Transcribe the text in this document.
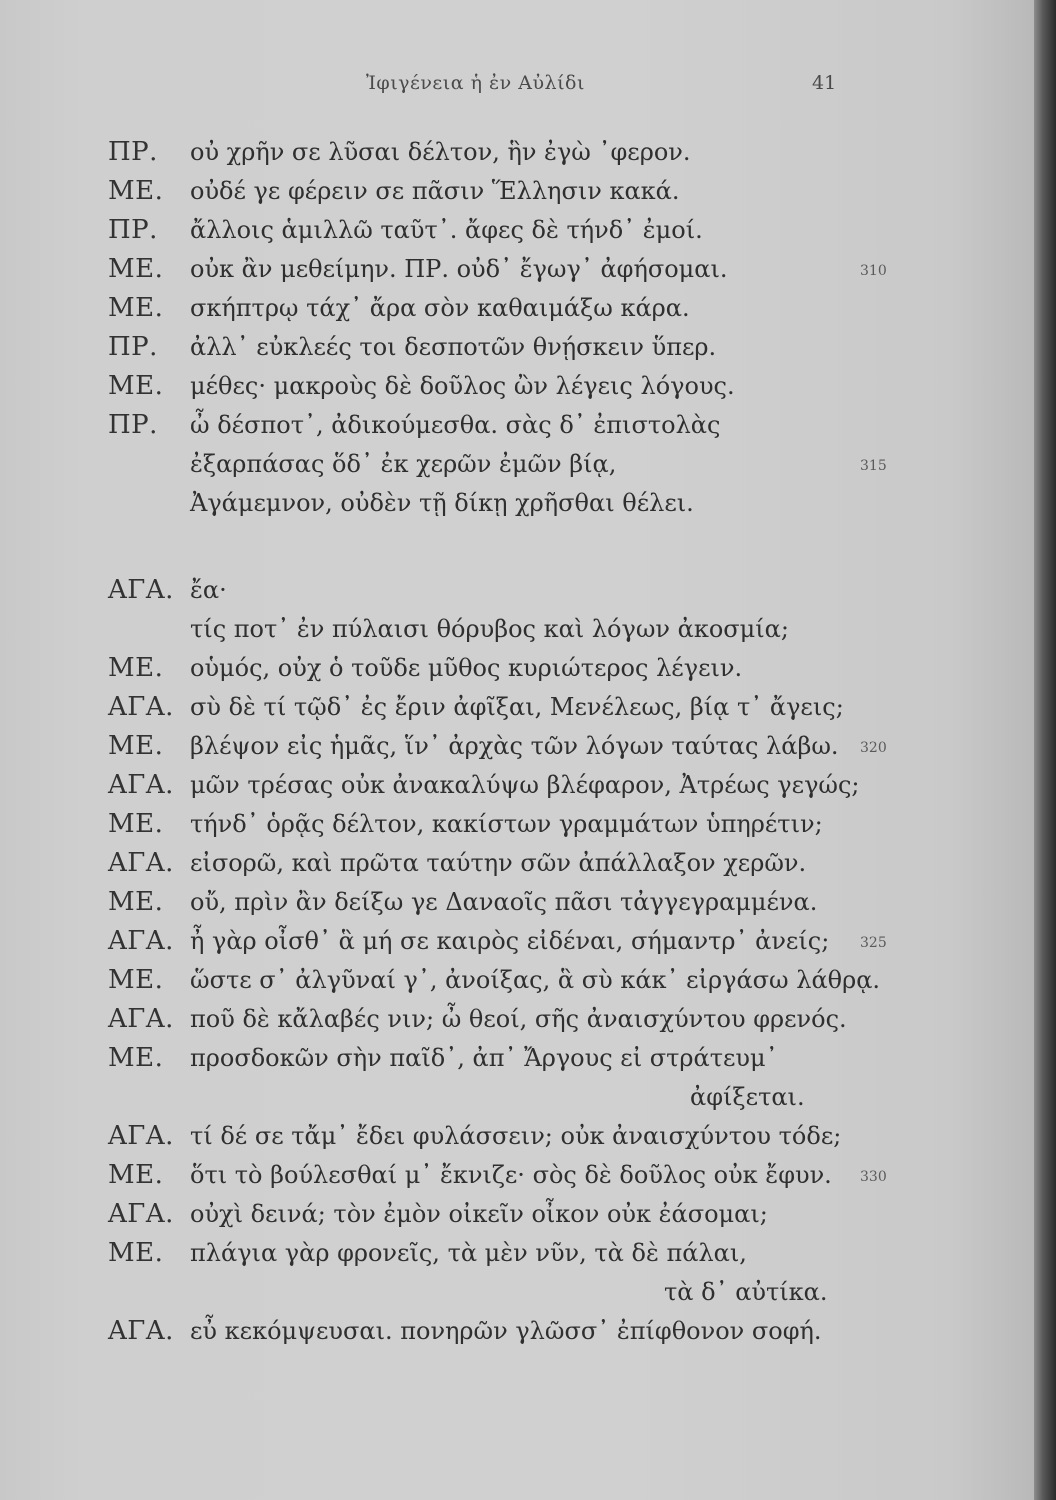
Ἰφιγένεια ἡ ἐν Αὐλίδι	41
ΠΡ. οὐ χρῆν σε λῦσαι δέλτον, ἣν ἐγὼ ᾽φερον.
ΜΕ. οὐδέ γε φέρειν σε πᾶσιν Ἕλλησιν κακά.
ΠΡ. ἄλλοις ἁμιλλῶ ταῦτ᾽. ἄφες δὲ τήνδ᾽ ἐμοί.
ΜΕ. οὐκ ἂν μεθείμην. ΠΡ. οὐδ᾽ ἔγωγ᾽ ἀφήσομαι.	310
ΜΕ. σκήπτρῳ τάχ᾽ ἄρα σὸν καθαιμάξω κάρα.
ΠΡ. ἀλλ᾽ εὐκλεές τοι δεσποτῶν θνῄσκειν ὕπερ.
ΜΕ. μέθες· μακροὺς δὲ δοῦλος ὢν λέγεις λόγους.
ΠΡ. ὦ δέσποτ᾽, ἀδικούμεσθα. σὰς δ᾽ ἐπιστολὰς
ἐξαρπάσας ὅδ᾽ ἐκ χερῶν ἐμῶν βίᾳ,	315
Ἀγάμεμνον, οὐδὲν τῇ δίκῃ χρῆσθαι θέλει.
ΑΓΑ. ἔα·
τίς ποτ᾽ ἐν πύλαισι θόρυβος καὶ λόγων ἀκοσμία;
ΜΕ. οὑμός, οὐχ ὁ τοῦδε μῦθος κυριώτερος λέγειν.
ΑΓΑ. σὺ δὲ τί τῷδ᾽ ἐς ἔριν ἀφῖξαι, Μενέλεως, βίᾳ τ᾽ ἄγεις;
ΜΕ. βλέψον εἰς ἡμᾶς, ἵν᾽ ἀρχὰς τῶν λόγων ταύτας λάβω. 320
ΑΓΑ. μῶν τρέσας οὐκ ἀνακαλύψω βλέφαρον, Ἀτρέως γεγώς;
ΜΕ. τήνδ᾽ ὁρᾷς δέλτον, κακίστων γραμμάτων ὑπηρέτιν;
ΑΓΑ. εἰσορῶ, καὶ πρῶτα ταύτην σῶν ἀπάλλαξον χερῶν.
ΜΕ. οὔ, πρὶν ἂν δείξω γε Δαναοῖς πᾶσι τἀγγεγραμμένα.
ΑΓΑ. ἦ γὰρ οἶσθ᾽ ἃ μή σε καιρὸς εἰδέναι, σήμαντρ᾽ ἀνείς; 325
ΜΕ. ὥστε σ᾽ ἀλγῦναί γ᾽, ἀνοίξας, ἃ σὺ κάκ᾽ εἰργάσω λάθρᾳ.
ΑΓΑ. ποῦ δὲ κἄλαβές νιν; ὦ θεοί, σῆς ἀναισχύντου φρενός.
ΜΕ. προσδοκῶν σὴν παῖδ᾽, ἀπ᾽ Ἄργους εἰ στράτευμ᾽
ἀφίξεται.
ΑΓΑ. τί δέ σε τἄμ᾽ ἔδει φυλάσσειν; οὐκ ἀναισχύντου τόδε;
ΜΕ. ὅτι τὸ βούλεσθαί μ᾽ ἔκνιζε· σὸς δὲ δοῦλος οὐκ ἔφυν. 330
ΑΓΑ. οὐχὶ δεινά; τὸν ἐμὸν οἰκεῖν οἶκον οὐκ ἐάσομαι;
ΜΕ. πλάγια γὰρ φρονεῖς, τὰ μὲν νῦν, τὰ δὲ πάλαι,
τὰ δ᾽ αὐτίκα.
ΑΓΑ. εὖ κεκόμψευσαι. πονηρῶν γλῶσσ᾽ ἐπίφθονον σοφή.
